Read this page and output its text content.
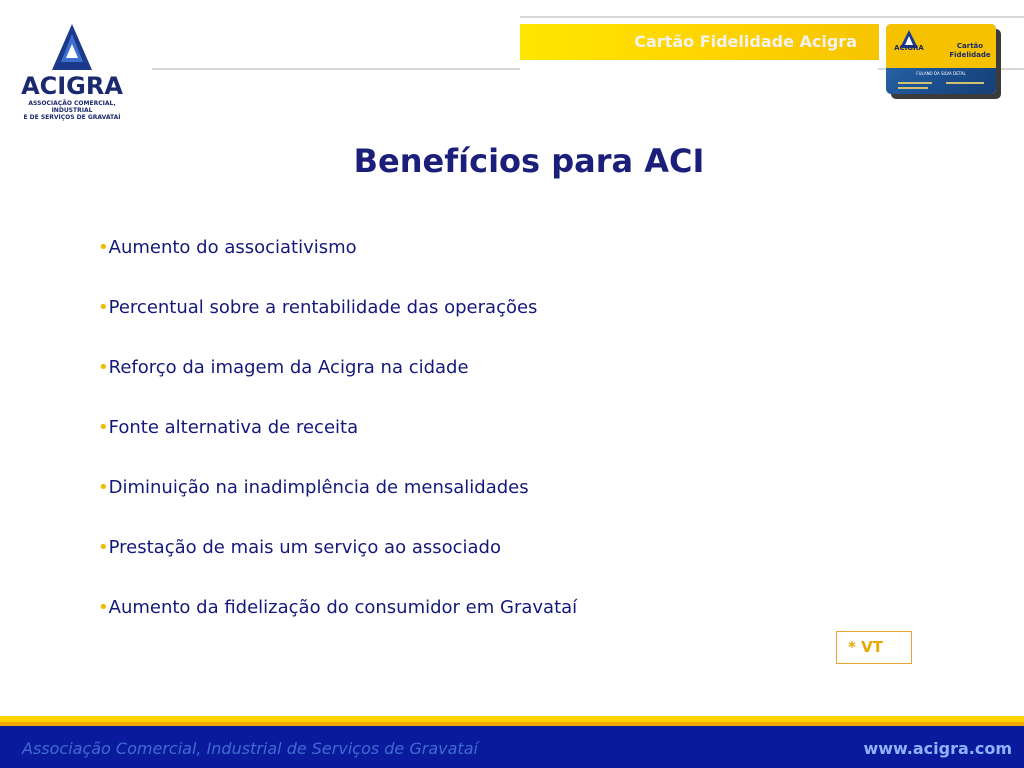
ACIGRA
ASSOCIAÇÃO COMERCIAL, INDUSTRIAL
E DE SERVIÇOS DE GRAVATAÍ
Cartão Fidelidade Acigra	ACIGRA	Cartão
Fidelidade
FULANO DA SILVA DETAL
Benefícios para ACI
•Aumento do associativismo
•Percentual sobre a rentabilidade das operações
•Reforço da imagem da Acigra na cidade
•Fonte alternativa de receita
•Diminuição na inadimplência de mensalidades
•Prestação de mais um serviço ao associado
•Aumento da fidelização do consumidor em Gravataí
* VT
Associação Comercial, Industrial de Serviços de Gravataí	www.acigra.com
